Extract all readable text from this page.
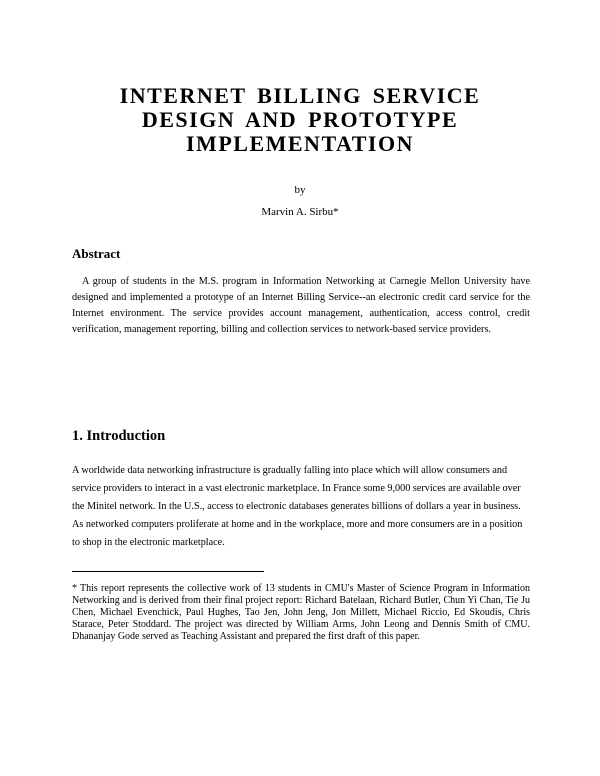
INTERNET BILLING SERVICE
DESIGN AND PROTOTYPE
IMPLEMENTATION
by
Marvin A. Sirbu*
Abstract

A group of students in the M.S. program in Information Networking at Carnegie Mellon University have designed and implemented a prototype of an Internet Billing Service--an electronic credit card service for the Internet environment. The service provides account management, authentication, access control, credit verification, management reporting, billing and collection services to network-based service providers.

1. Introduction

A worldwide data networking infrastructure is gradually falling into place which will allow consumers and service providers to interact in a vast electronic marketplace. In France some 9,000 services are available over the Minitel network. In the U.S., access to electronic databases generates billions of dollars a year in business. As networked computers proliferate at home and in the workplace, more and more consumers are in a position to shop in the electronic marketplace.

* This report represents the collective work of 13 students in CMU's Master of Science Program in Information Networking and is derived from their final project report: Richard Batelaan, Richard Butler, Chun Yi Chan, Tie Ju Chen, Michael Evenchick, Paul Hughes, Tao Jen, John Jeng, Jon Millett, Michael Riccio, Ed Skoudis, Chris Starace, Peter Stoddard. The project was directed by William Arms, John Leong and Dennis Smith of CMU. Dhananjay Gode served as Teaching Assistant and prepared the first draft of this paper.
